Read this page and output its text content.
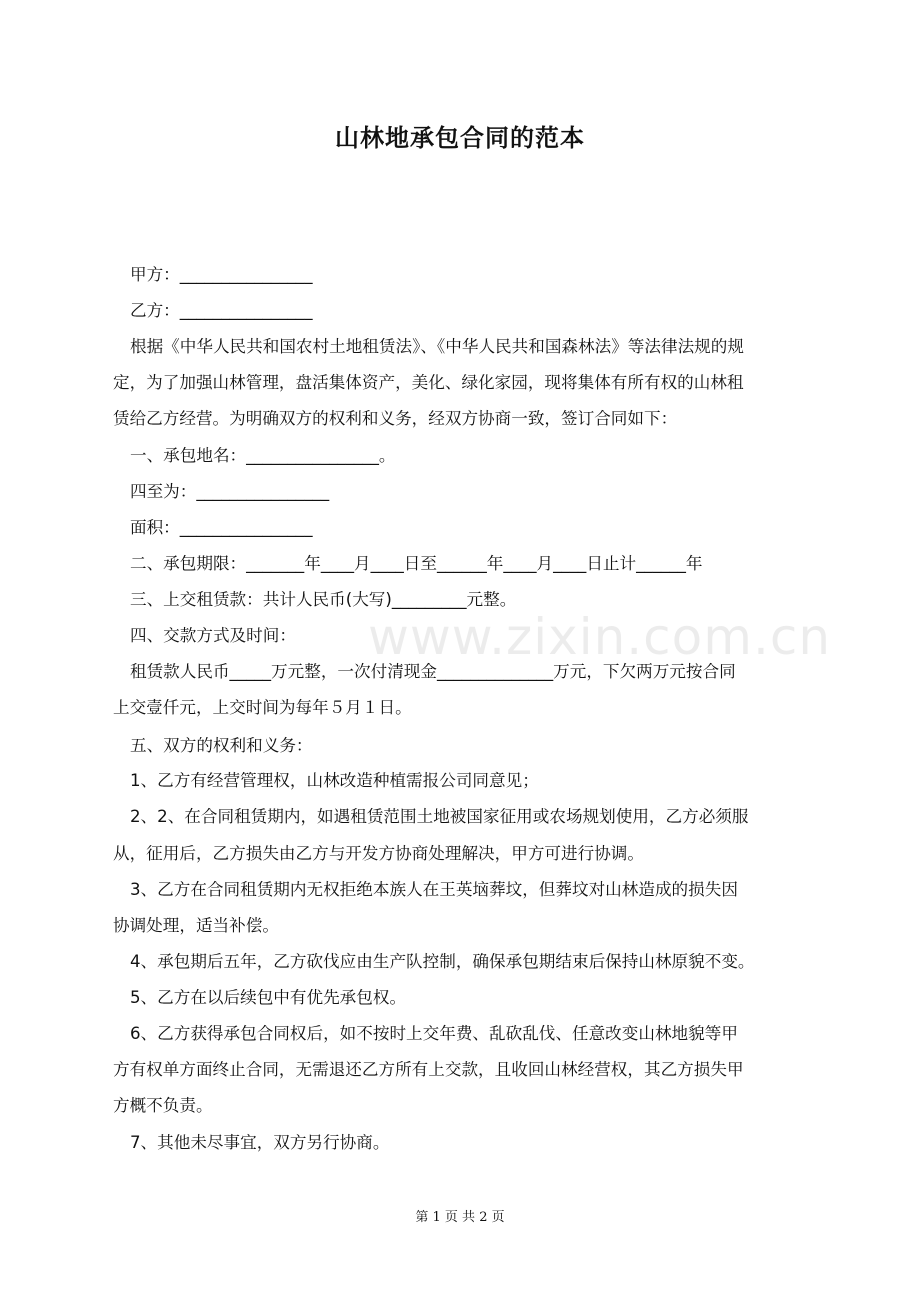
山林地承包合同的范本
甲方：________________
乙方：________________
根据《中华人民共和国农村土地租赁法》、《中华人民共和国森林法》等法律法规的规
定，为了加强山林管理，盘活集体资产，美化、绿化家园，现将集体有所有权的山林租
赁给乙方经营。为明确双方的权利和义务，经双方协商一致，签订合同如下：
一、承包地名：________________。
四至为：________________
面积：________________
二、承包期限：_______年____月____日至______年____月____日止计______年
三、上交租赁款：共计人民币(大写)_________元整。
四、交款方式及时间：
租赁款人民币_____万元整，一次付清现金______________万元，下欠两万元按合同
上交壹仟元，上交时间为每年５月１日。
五、双方的权利和义务：
1、乙方有经营管理权，山林改造种植需报公司同意见；
2、2、在合同租赁期内，如遇租赁范围土地被国家征用或农场规划使用，乙方必须服
从，征用后，乙方损失由乙方与开发方协商处理解决，甲方可进行协调。
3、乙方在合同租赁期内无权拒绝本族人在王英垴葬坟，但葬坟对山林造成的损失因
协调处理，适当补偿。
4、承包期后五年，乙方砍伐应由生产队控制，确保承包期结束后保持山林原貌不变。
5、乙方在以后续包中有优先承包权。
6、乙方获得承包合同权后，如不按时上交年费、乱砍乱伐、任意改变山林地貌等甲
方有权单方面终止合同，无需退还乙方所有上交款，且收回山林经营权，其乙方损失甲
方概不负责。
7、其他未尽事宜，双方另行协商。
www.zixin.com.cn
第 1 页 共 2 页
